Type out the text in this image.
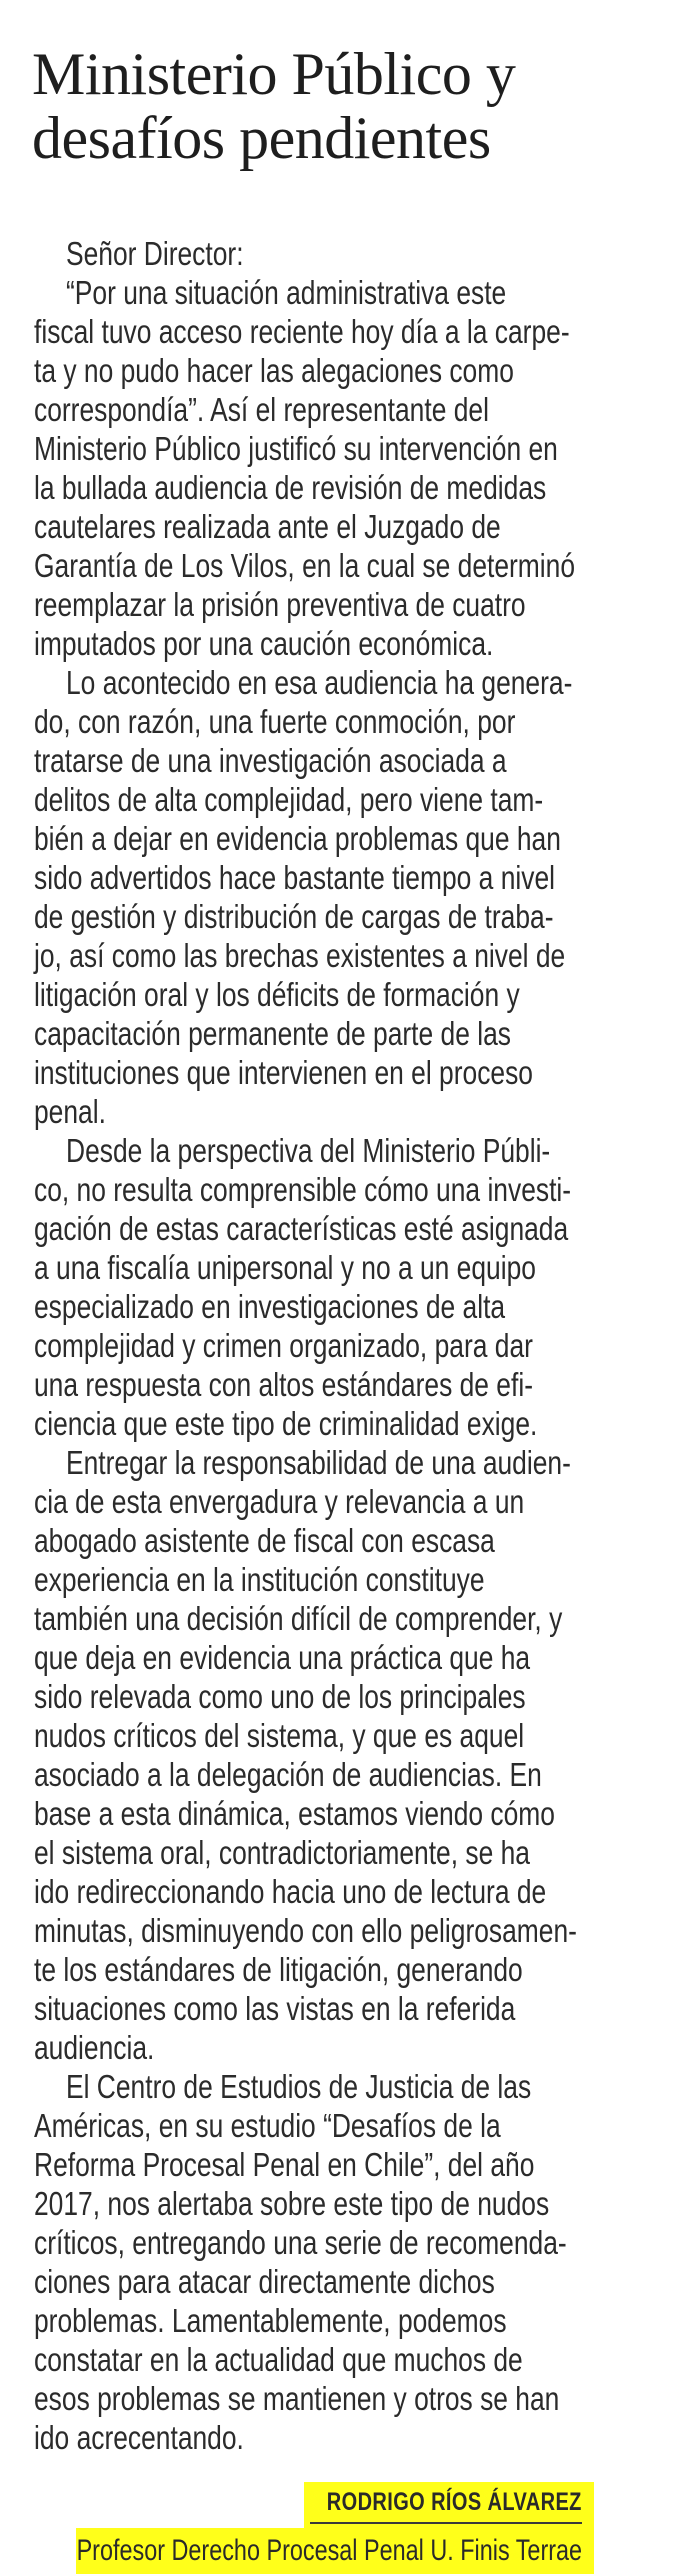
Ministerio Público y
desafíos pendientes
Señor Director:
“Por una situación administrativa este
fiscal tuvo acceso reciente hoy día a la carpe-
ta y no pudo hacer las alegaciones como
correspondía”. Así el representante del
Ministerio Público justificó su intervención en
la bullada audiencia de revisión de medidas
cautelares realizada ante el Juzgado de
Garantía de Los Vilos, en la cual se determinó
reemplazar la prisión preventiva de cuatro
imputados por una caución económica.
Lo acontecido en esa audiencia ha genera-
do, con razón, una fuerte conmoción, por
tratarse de una investigación asociada a
delitos de alta complejidad, pero viene tam-
bién a dejar en evidencia problemas que han
sido advertidos hace bastante tiempo a nivel
de gestión y distribución de cargas de traba-
jo, así como las brechas existentes a nivel de
litigación oral y los déficits de formación y
capacitación permanente de parte de las
instituciones que intervienen en el proceso
penal.
Desde la perspectiva del Ministerio Públi-
co, no resulta comprensible cómo una investi-
gación de estas características esté asignada
a una fiscalía unipersonal y no a un equipo
especializado en investigaciones de alta
complejidad y crimen organizado, para dar
una respuesta con altos estándares de efi-
ciencia que este tipo de criminalidad exige.
Entregar la responsabilidad de una audien-
cia de esta envergadura y relevancia a un
abogado asistente de fiscal con escasa
experiencia en la institución constituye
también una decisión difícil de comprender, y
que deja en evidencia una práctica que ha
sido relevada como uno de los principales
nudos críticos del sistema, y que es aquel
asociado a la delegación de audiencias. En
base a esta dinámica, estamos viendo cómo
el sistema oral, contradictoriamente, se ha
ido redireccionando hacia uno de lectura de
minutas, disminuyendo con ello peligrosamen-
te los estándares de litigación, generando
situaciones como las vistas en la referida
audiencia.
El Centro de Estudios de Justicia de las
Américas, en su estudio “Desafíos de la
Reforma Procesal Penal en Chile”, del año
2017, nos alertaba sobre este tipo de nudos
críticos, entregando una serie de recomenda-
ciones para atacar directamente dichos
problemas. Lamentablemente, podemos
constatar en la actualidad que muchos de
esos problemas se mantienen y otros se han
ido acrecentando.
RODRIGO RÍOS ÁLVAREZ
Profesor Derecho Procesal Penal U. Finis Terrae
